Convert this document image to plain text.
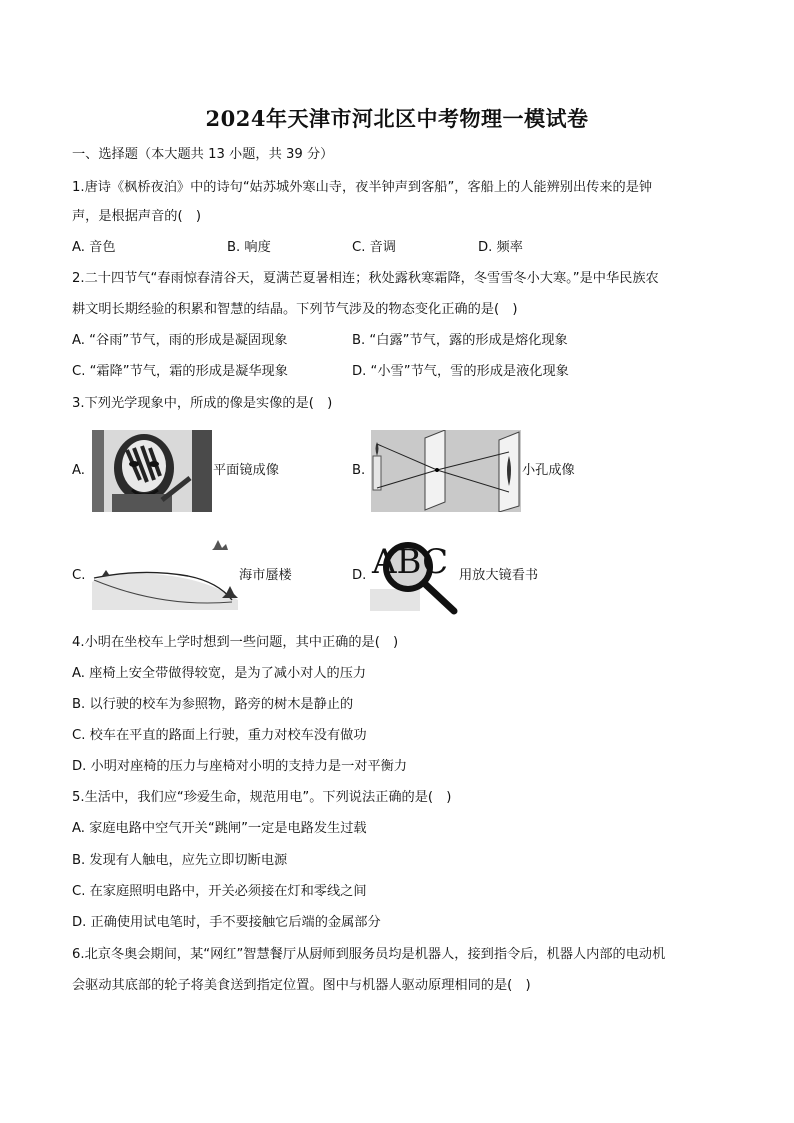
2024年天津市河北区中考物理一模试卷
一、选择题（本大题共 13 小题，共 39 分）
1.唐诗《枫桥夜泊》中的诗句“姑苏城外寒山寺，夜半钟声到客船”，客船上的人能辨别出传来的是钟
声，是根据声音的(　)
A. 音色	B. 响度	C. 音调	D. 频率
2.二十四节气“春雨惊春清谷天，夏满芒夏暑相连；秋处露秋寒霜降，冬雪雪冬小大寒。”是中华民族农
耕文明长期经验的积累和智慧的结晶。下列节气涉及的物态变化正确的是(　)
A. “谷雨”节气，雨的形成是凝固现象	B. “白露”节气，露的形成是熔化现象
C. “霜降”节气，霜的形成是凝华现象	D. “小雪”节气，雪的形成是液化现象
3.下列光学现象中，所成的像是实像的是(　)
A.	平面镜成像	B.	小孔成像
C.	海市蜃楼	D. ABC 用放大镜看书
4.小明在坐校车上学时想到一些问题，其中正确的是(　)
A. 座椅上安全带做得较宽，是为了减小对人的压力
B. 以行驶的校车为参照物，路旁的树木是静止的
C. 校车在平直的路面上行驶，重力对校车没有做功
D. 小明对座椅的压力与座椅对小明的支持力是一对平衡力
5.生活中，我们应“珍爱生命，规范用电”。下列说法正确的是(　)
A. 家庭电路中空气开关“跳闸”一定是电路发生过载
B. 发现有人触电，应先立即切断电源
C. 在家庭照明电路中，开关必须接在灯和零线之间
D. 正确使用试电笔时，手不要接触它后端的金属部分
6.北京冬奥会期间，某“网红”智慧餐厅从厨师到服务员均是机器人，接到指令后，机器人内部的电动机
会驱动其底部的轮子将美食送到指定位置。图中与机器人驱动原理相同的是(　)
